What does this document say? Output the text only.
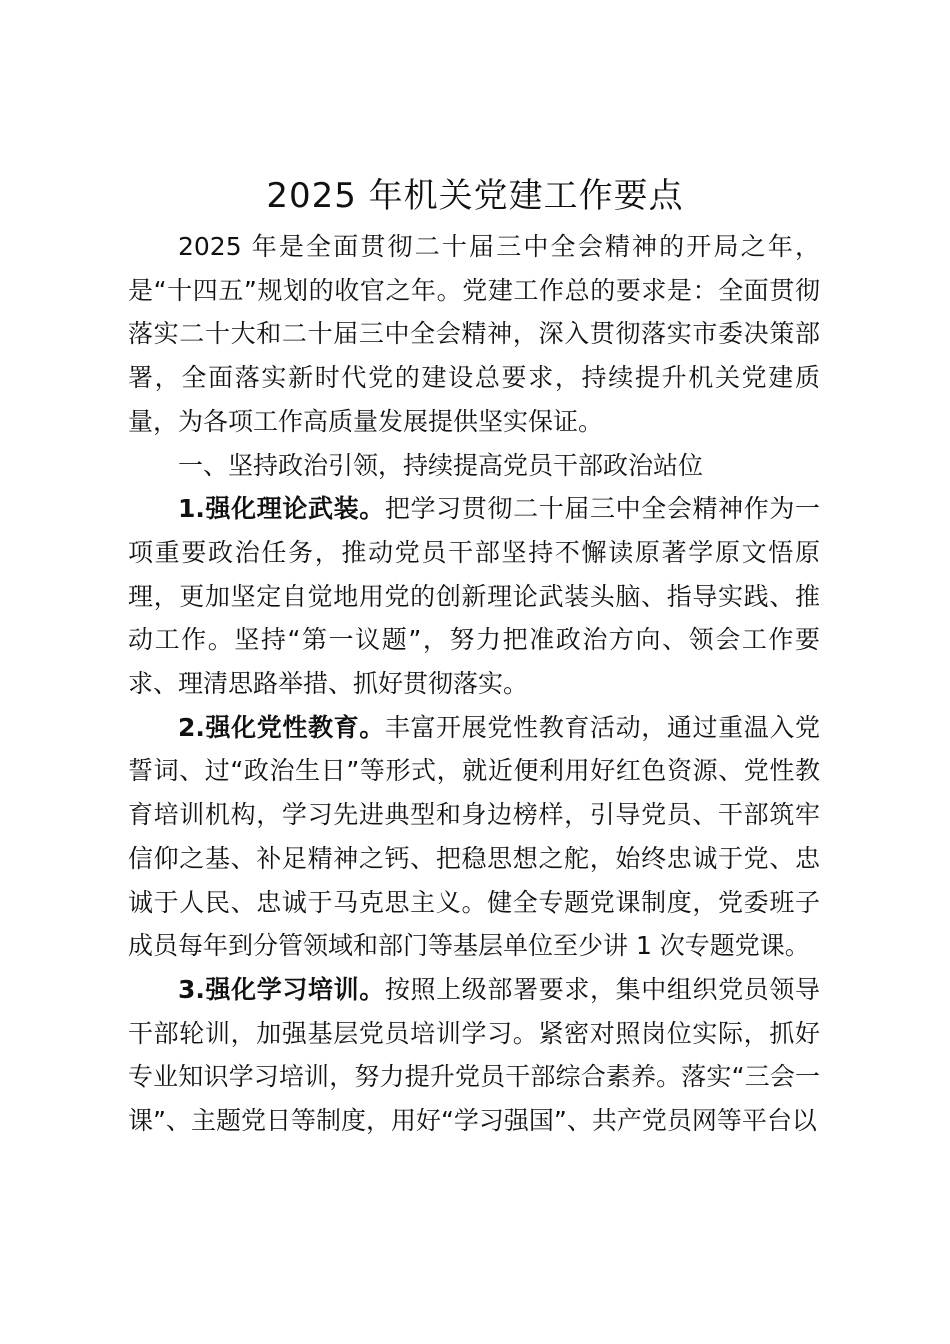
2025 年机关党建工作要点

2025 年是全面贯彻二十届三中全会精神的开局之年，是“十四五”规划的收官之年。党建工作总的要求是：全面贯彻落实二十大和二十届三中全会精神，深入贯彻落实市委决策部署，全面落实新时代党的建设总要求，持续提升机关党建质量，为各项工作高质量发展提供坚实保证。

一、坚持政治引领，持续提高党员干部政治站位

1.强化理论武装。把学习贯彻二十届三中全会精神作为一项重要政治任务，推动党员干部坚持不懈读原著学原文悟原理，更加坚定自觉地用党的创新理论武装头脑、指导实践、推动工作。坚持“第一议题”，努力把准政治方向、领会工作要求、理清思路举措、抓好贯彻落实。

2.强化党性教育。丰富开展党性教育活动，通过重温入党誓词、过“政治生日”等形式，就近便利用好红色资源、党性教育培训机构，学习先进典型和身边榜样，引导党员、干部筑牢信仰之基、补足精神之钙、把稳思想之舵，始终忠诚于党、忠诚于人民、忠诚于马克思主义。健全专题党课制度，党委班子成员每年到分管领域和部门等基层单位至少讲 1 次专题党课。

3.强化学习培训。按照上级部署要求，集中组织党员领导干部轮训，加强基层党员培训学习。紧密对照岗位实际，抓好专业知识学习培训，努力提升党员干部综合素养。落实“三会一课”、主题党日等制度，用好“学习强国”、共产党员网等平台以
